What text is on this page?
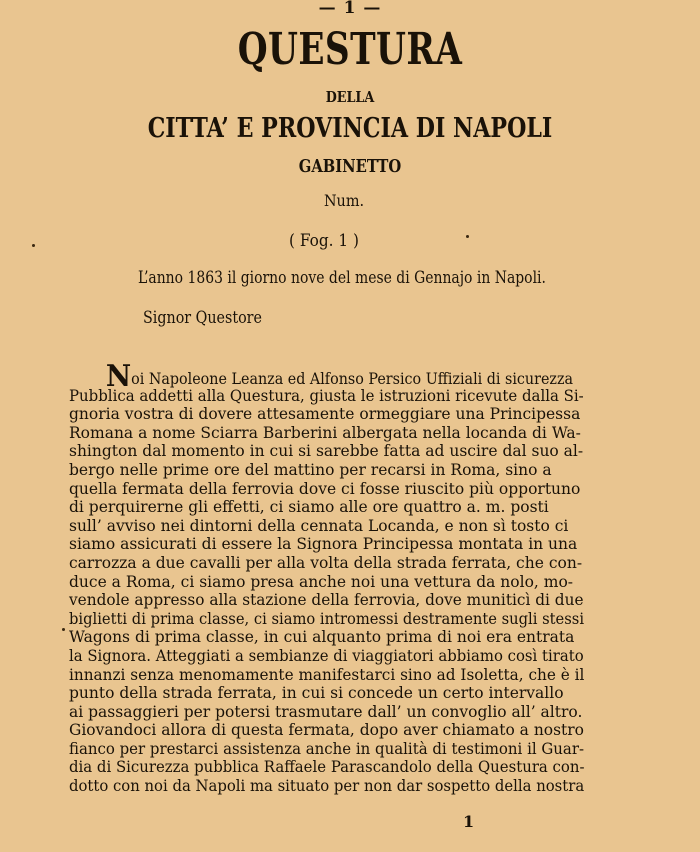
— 1 —
QUESTURA
DELLA
CITTA’ E PROVINCIA DI NAPOLI
GABINETTO
Num.
( Fog. 1 )
L’anno 1863 il giorno nove del mese di Gennajo in Napoli.
Signor Questore
Noi Napoleone Leanza ed Alfonso Persico Uffiziali di sicurezza
Pubblica addetti alla Questura, giusta le istruzioni ricevute dalla Si-
gnoria vostra di dovere attesamente ormeggiare una Principessa
Romana a nome Sciarra Barberini albergata nella locanda di Wa-
shington dal momento in cui si sarebbe fatta ad uscire dal suo al-
bergo nelle prime ore del mattino per recarsi in Roma, sino a
quella fermata della ferrovia dove ci fosse riuscito più opportuno
di perquirerne gli effetti, ci siamo alle ore quattro a. m. posti
sull’ avviso nei dintorni della cennata Locanda, e non sì tosto ci
siamo assicurati di essere la Signora Principessa montata in una
carrozza a due cavalli per alla volta della strada ferrata, che con-
duce a Roma, ci siamo presa anche noi una vettura da nolo, mo-
vendole appresso alla stazione della ferrovia, dove muniticì di due
biglietti di prima classe, ci siamo intromessi destramente sugli stessi
Wagons di prima classe, in cui alquanto prima di noi era entrata
la Signora. Atteggiati a sembianze di viaggiatori abbiamo così tirato
innanzi senza menomamente manifestarci sino ad Isoletta, che è il
punto della strada ferrata, in cui si concede un certo intervallo
ai passaggieri per potersi trasmutare dall’ un convoglio all’ altro.
Giovandoci allora di questa fermata, dopo aver chiamato a nostro
fianco per prestarci assistenza anche in qualità di testimoni il Guar-
dia di Sicurezza pubblica Raffaele Parascandolo della Questura con-
dotto con noi da Napoli ma situato per non dar sospetto della nostra
1
